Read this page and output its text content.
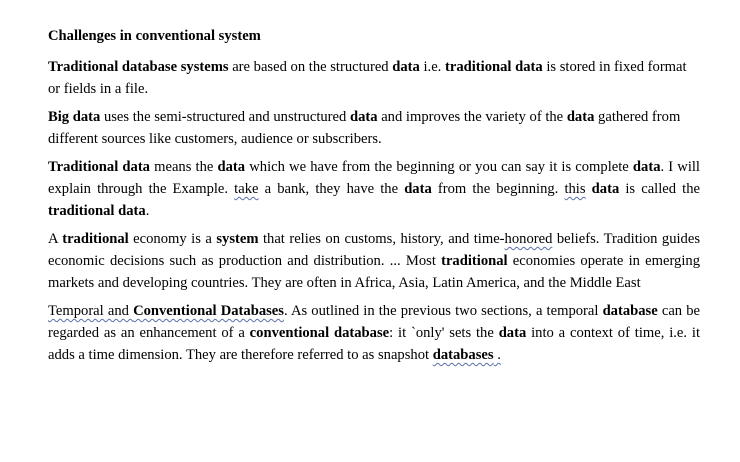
Challenges in conventional system
Traditional database systems are based on the structured data i.e. traditional data is stored in fixed format or fields in a file.
Big data uses the semi-structured and unstructured data and improves the variety of the data gathered from different sources like customers, audience or subscribers.
Traditional data means the data which we have from the beginning or you can say it is complete data. I will explain through the Example. take a bank, they have the data from the beginning. this data is called the traditional data.
A traditional economy is a system that relies on customs, history, and time-honored beliefs. Tradition guides economic decisions such as production and distribution. ... Most traditional economies operate in emerging markets and developing countries. They are often in Africa, Asia, Latin America, and the Middle East
Temporal and Conventional Databases. As outlined in the previous two sections, a temporal database can be regarded as an enhancement of a conventional database: it `only' sets the data into a context of time, i.e. it adds a time dimension. They are therefore referred to as snapshot databases .
